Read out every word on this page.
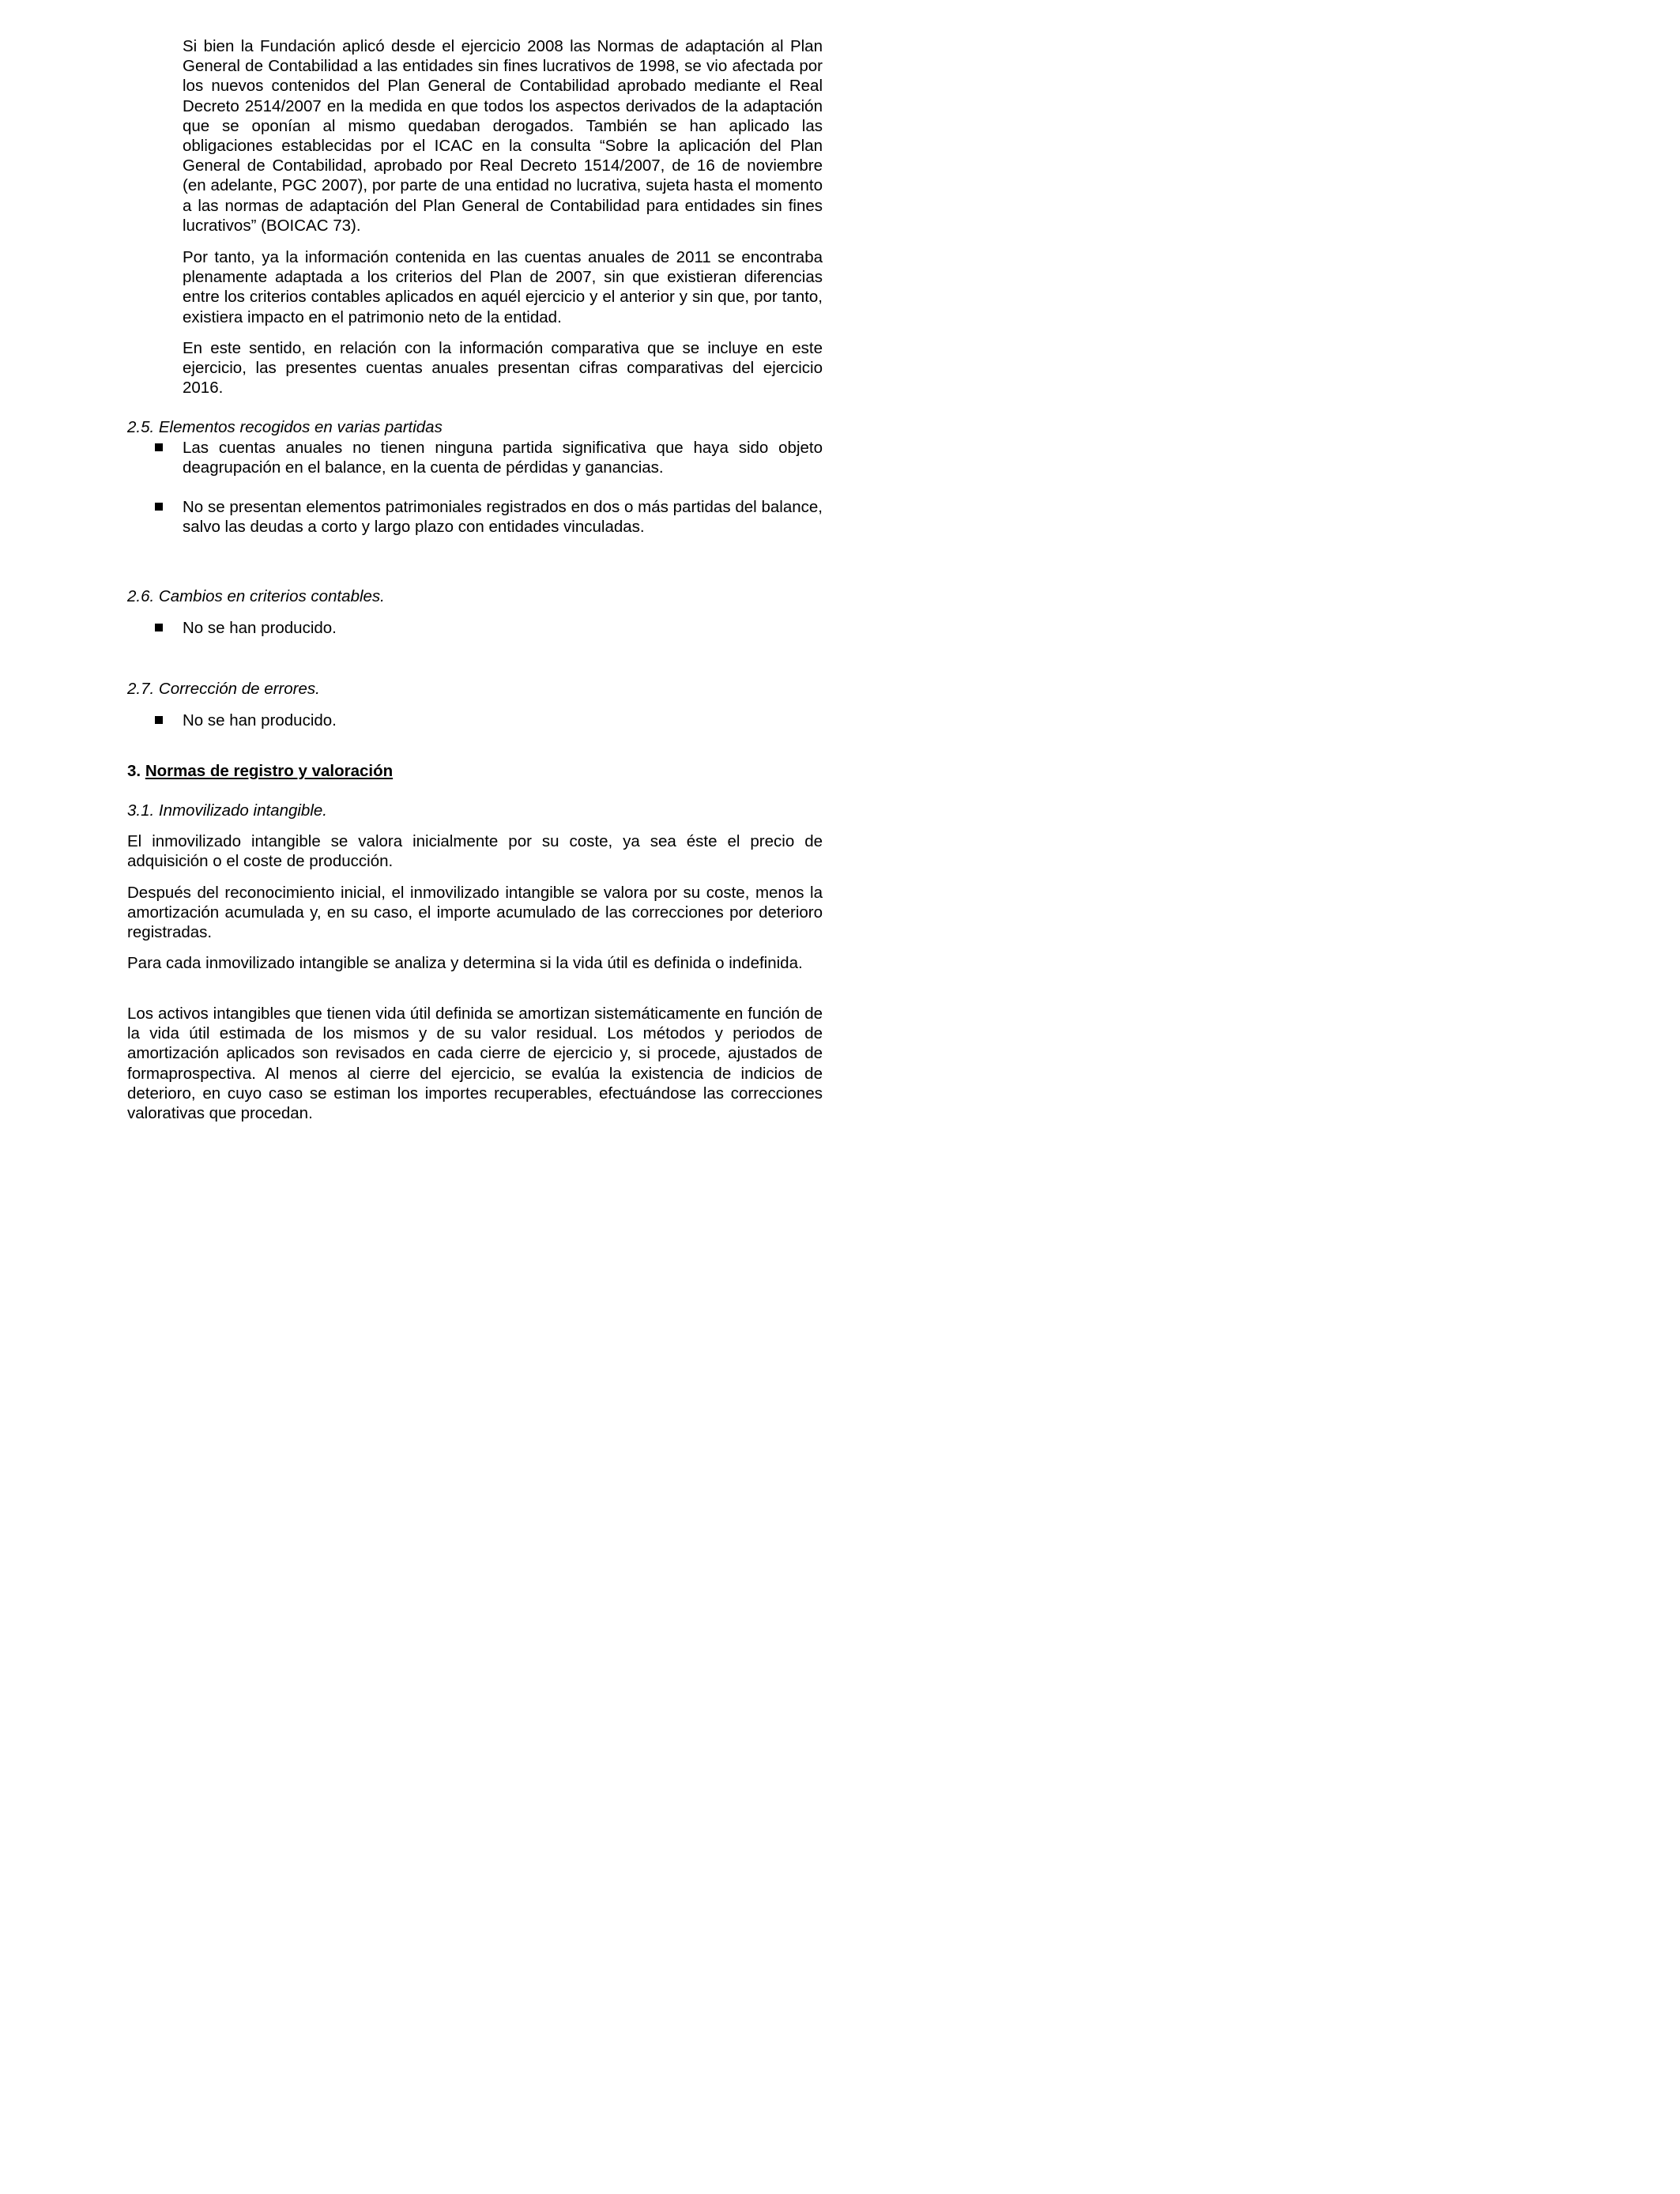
Si bien la Fundación aplicó desde el ejercicio 2008 las Normas de adaptación al Plan General de Contabilidad a las entidades sin fines lucrativos de 1998, se vio afectada por los nuevos contenidos del Plan General de Contabilidad aprobado mediante el Real Decreto 2514/2007 en la medida en que todos los aspectos derivados de la adaptación que se oponían al mismo quedaban derogados. También se han aplicado las obligaciones establecidas por el ICAC en la consulta “Sobre la aplicación del Plan General de Contabilidad, aprobado por Real Decreto 1514/2007, de 16 de noviembre (en adelante, PGC 2007), por parte de una entidad no lucrativa, sujeta hasta el momento a las normas de adaptación del Plan General de Contabilidad para entidades sin fines lucrativos” (BOICAC 73).

Por tanto, ya la información contenida en las cuentas anuales de 2011 se encontraba plenamente adaptada a los criterios del Plan de 2007, sin que existieran diferencias entre los criterios contables aplicados en aquél ejercicio y el anterior y sin que, por tanto, existiera impacto en el patrimonio neto de la entidad.

En este sentido, en relación con la información comparativa que se incluye en este ejercicio, las presentes cuentas anuales presentan cifras comparativas del ejercicio 2016.

2.5. Elementos recogidos en varias partidas

Las cuentas anuales no tienen ninguna partida significativa que haya sido objeto deagrupación en el balance, en la cuenta de pérdidas y ganancias.

No se presentan elementos patrimoniales registrados en dos o más partidas del balance, salvo las deudas a corto y largo plazo con entidades vinculadas.

2.6. Cambios en criterios contables.

No se han producido.

2.7. Corrección de errores.

No se han producido.

3. Normas de registro y valoración

3.1. Inmovilizado intangible.

El inmovilizado intangible se valora inicialmente por su coste, ya sea éste el precio de adquisición o el coste de producción.

Después del reconocimiento inicial, el inmovilizado intangible se valora por su coste, menos la amortización acumulada y, en su caso, el importe acumulado de las correcciones por deterioro registradas.

Para cada inmovilizado intangible se analiza y determina si la vida útil es definida o indefinida.

Los activos intangibles que tienen vida útil definida se amortizan sistemáticamente en función de la vida útil estimada de los mismos y de su valor residual. Los métodos y periodos de amortización aplicados son revisados en cada cierre de ejercicio y, si procede, ajustados de formaprospectiva. Al menos al cierre del ejercicio, se evalúa la existencia de indicios de deterioro, en cuyo caso se estiman los importes recuperables, efectuándose las correcciones valorativas que procedan.
